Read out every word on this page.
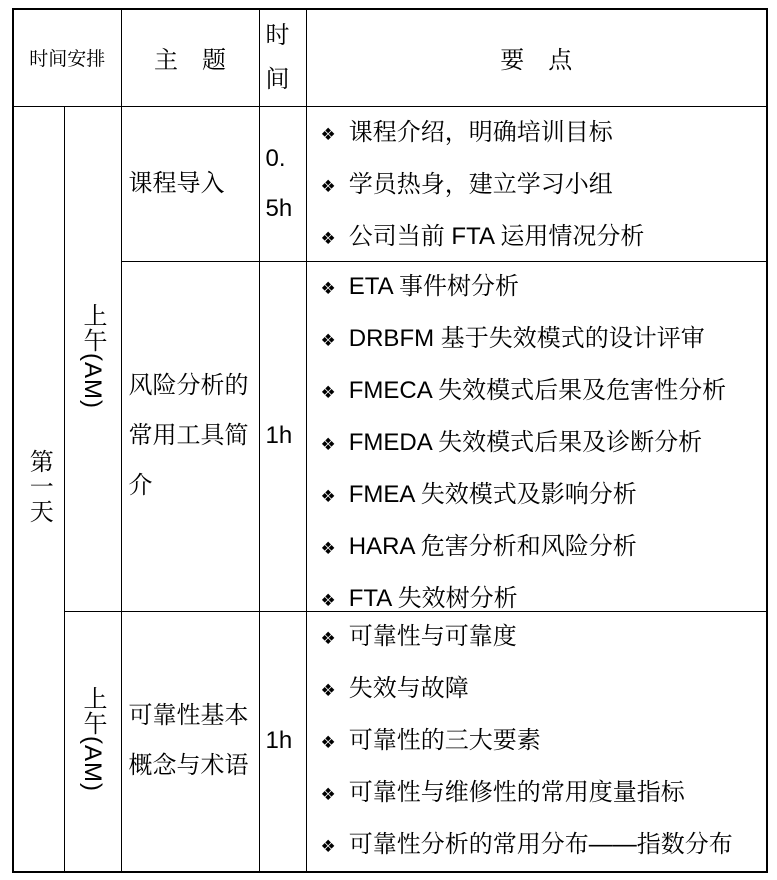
时间安排		主　题	时间	要　点
第一天	上午(AM)	课程导入	0.5h	
❖ 课程介绍，明确培训目标
❖ 学员热身，建立学习小组
❖ 公司当前 FTA 运用情况分析

风险分析的常用工具简介	1h	
❖ ETA 事件树分析
❖ DRBFM 基于失效模式的设计评审
❖ FMECA 失效模式后果及危害性分析
❖ FMEDA 失效模式后果及诊断分析
❖ FMEA 失效模式及影响分析
❖ HARA 危害分析和风险分析
❖ FTA 失效树分析

上午(AM)	可靠性基本概念与术语	1h	
❖ 可靠性与可靠度
❖ 失效与故障
❖ 可靠性的三大要素
❖ 可靠性与维修性的常用度量指标
❖ 可靠性分析的常用分布——指数分布
